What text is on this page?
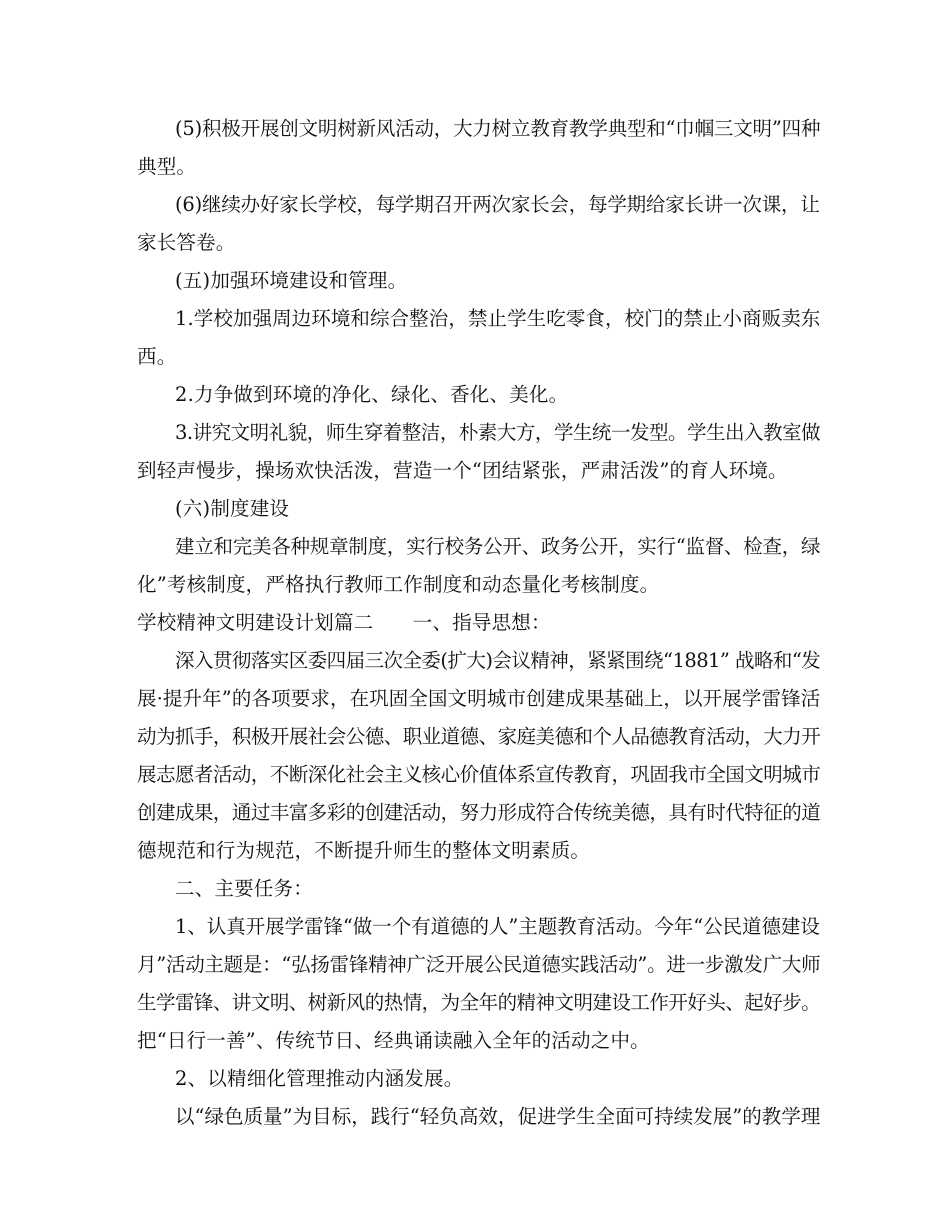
(5)积极开展创文明树新风活动，大力树立教育教学典型和“巾帼三文明”四种
典型。
(6)继续办好家长学校，每学期召开两次家长会，每学期给家长讲一次课，让
家长答卷。
(五)加强环境建设和管理。
1.学校加强周边环境和综合整治，禁止学生吃零食，校门的禁止小商贩卖东
西。
2.力争做到环境的净化、绿化、香化、美化。
3.讲究文明礼貌，师生穿着整洁，朴素大方，学生统一发型。学生出入教室做
到轻声慢步，操场欢快活泼，营造一个“团结紧张，严肃活泼”的育人环境。
(六)制度建设
建立和完美各种规章制度，实行校务公开、政务公开，实行“监督、检查，绿
化”考核制度，严格执行教师工作制度和动态量化考核制度。
学校精神文明建设计划篇二　　一、指导思想：
深入贯彻落实区委四届三次全委(扩大)会议精神，紧紧围绕“1881” 战略和“发
展·提升年”的各项要求，在巩固全国文明城市创建成果基础上，以开展学雷锋活
动为抓手，积极开展社会公德、职业道德、家庭美德和个人品德教育活动，大力开
展志愿者活动，不断深化社会主义核心价值体系宣传教育，巩固我市全国文明城市
创建成果，通过丰富多彩的创建活动，努力形成符合传统美德，具有时代特征的道
德规范和行为规范，不断提升师生的整体文明素质。
二、主要任务：
1、认真开展学雷锋“做一个有道德的人”主题教育活动。今年“公民道德建设
月”活动主题是：“弘扬雷锋精神广泛开展公民道德实践活动”。进一步激发广大师
生学雷锋、讲文明、树新风的热情，为全年的精神文明建设工作开好头、起好步。
把“日行一善”、传统节日、经典诵读融入全年的活动之中。
2、以精细化管理推动内涵发展。
以“绿色质量”为目标，践行“轻负高效，促进学生全面可持续发展”的教学理
